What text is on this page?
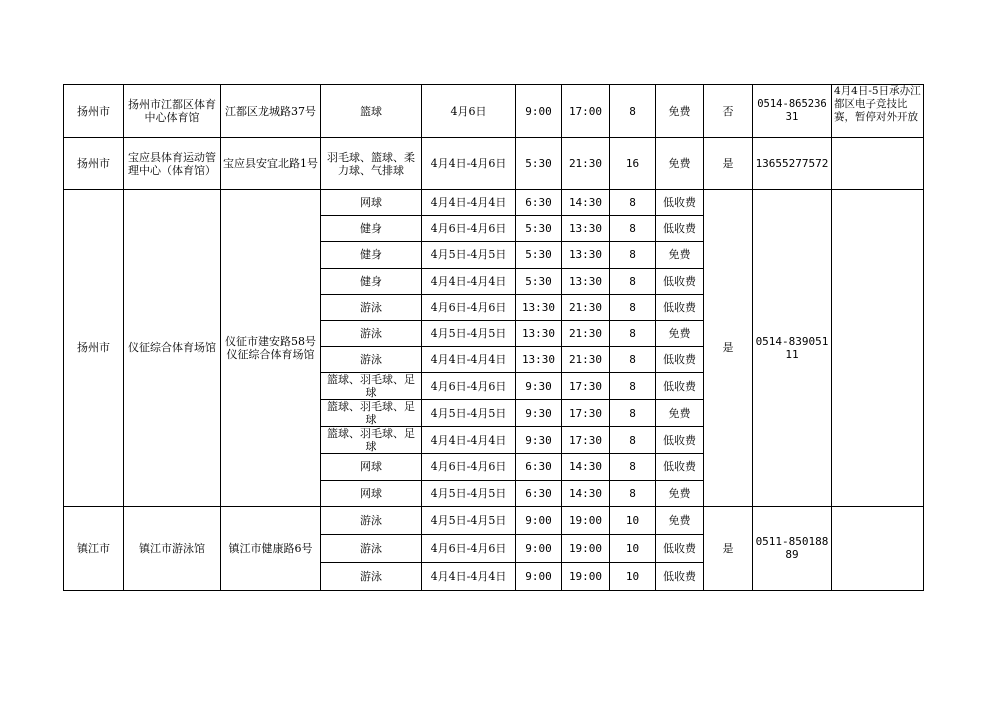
扬州市	扬州市江都区体育中心体育馆	江都区龙城路37号	篮球	4月6日	9:00	17:00	8	免费	否	0514-86523631	4月4日-5日承办江都区电子竞技比赛，暂停对外开放

扬州市	宝应县体育运动管理中心（体育馆）	宝应县安宜北路1号	羽毛球、篮球、柔力球、气排球	4月4日-4月6日	5:30	21:30	16	免费	是	13655277572	
扬州市	仪征综合体育场馆	仪征市建安路58号仪征综合体育场馆	网球	4月4日-4月4日	6:30	14:30	8	低收费	是	0514-83905111	
			健身	4月6日-4月6日	5:30	13:30	8	低收费			
			健身	4月5日-4月5日	5:30	13:30	8	免费			
			健身	4月4日-4月4日	5:30	13:30	8	低收费			
			游泳	4月6日-4月6日	13:30	21:30	8	低收费			
			游泳	4月5日-4月5日	13:30	21:30	8	免费			
			游泳	4月4日-4月4日	13:30	21:30	8	低收费			
			篮球、羽毛球、足球	4月6日-4月6日	9:30	17:30	8	低收费			
			篮球、羽毛球、足球	4月5日-4月5日	9:30	17:30	8	免费			
			篮球、羽毛球、足球	4月4日-4月4日	9:30	17:30	8	低收费			
			网球	4月6日-4月6日	6:30	14:30	8	低收费			
			网球	4月5日-4月5日	6:30	14:30	8	免费			
镇江市	镇江市游泳馆	镇江市健康路6号	游泳	4月5日-4月5日	9:00	19:00	10	免费	是	0511-85018889	
			游泳	4月6日-4月6日	9:00	19:00	10	低收费			
			游泳	4月4日-4月4日	9:00	19:00	10	低收费			
